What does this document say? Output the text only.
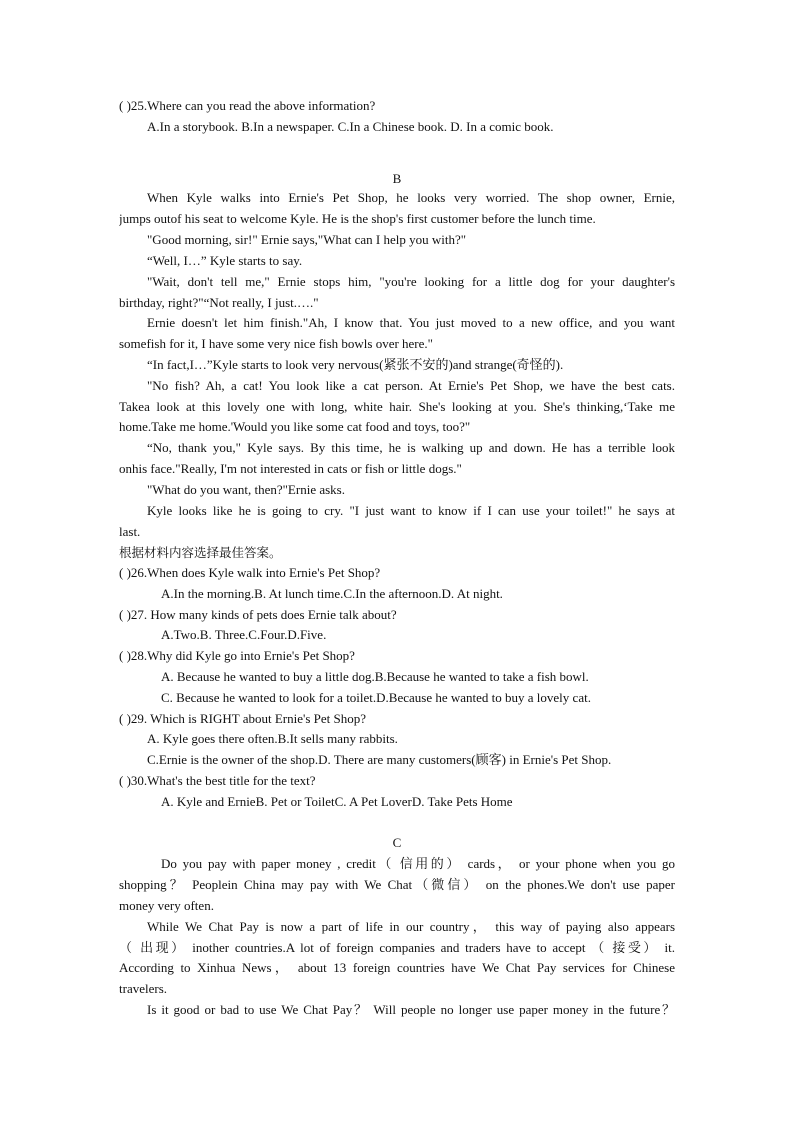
( )25.Where can you read the above information?
A.In a storybook. B.In a newspaper. C.In a Chinese book. D. In a comic book.
B
When Kyle walks into Ernie's Pet Shop, he looks very worried. The shop owner, Ernie,
jumps outof his seat to welcome Kyle. He is the shop's first customer before the lunch time.
"Good morning, sir!" Ernie says,"What can I help you with?"
“Well, I…” Kyle starts to say.
"Wait, don't tell me," Ernie stops him, "you're looking for a little dog for your daughter's
birthday, right?"“Not really, I just.…."
Ernie doesn't let him finish."Ah, I know that. You just moved to a new office, and you want
somefish for it, I have some very nice fish bowls over here."
“In fact,I…”Kyle starts to look very nervous(紧张不安的)and strange(奇怪的).
"No fish? Ah, a cat! You look like a cat person. At Ernie's Pet Shop, we have the best cats.
Takea look at this lovely one with long, white hair. She's looking at you. She's thinking,‘Take me
home.Take me home.'Would you like some cat food and toys, too?"
“No, thank you," Kyle says. By this time, he is walking up and down. He has a terrible look
onhis face."Really, I'm not interested in cats or fish or little dogs."
"What do you want, then?"Ernie asks.
Kyle looks like he is going to cry. "I just want to know if I can use your toilet!" he says at
last.
根据材料内容选择最佳答案。
( )26.When does Kyle walk into Ernie's Pet Shop?
A.In the morning.B. At lunch time.C.In the afternoon.D. At night.
( )27. How many kinds of pets does Ernie talk about?
A.Two.B. Three.C.Four.D.Five.
( )28.Why did Kyle go into Ernie's Pet Shop?
A. Because he wanted to buy a little dog.B.Because he wanted to take a fish bowl.
C. Because he wanted to look for a toilet.D.Because he wanted to buy a lovely cat.
( )29. Which is RIGHT about Ernie's Pet Shop?
A. Kyle goes there often.B.It sells many rabbits.
C.Ernie is the owner of the shop.D. There are many customers(顾客) in Ernie's Pet Shop.
( )30.What's the best title for the text?
A. Kyle and ErnieB. Pet or ToiletC. A Pet LoverD. Take Pets Home
C
Do you pay with paper money , credit（ 信用的） cards， or your phone when you go
shopping？ Peoplein China may pay with We Chat（微信） on the phones.We don't use paper
money very often.
While We Chat Pay is now a part of life in our country， this way of paying also appears
（ 出现） inother countries.A lot of foreign companies and traders have to accept （ 接受） it.
According to Xinhua News， about 13 foreign countries have We Chat Pay services for Chinese
travelers.
Is it good or bad to use We Chat Pay？ Will people no longer use paper money in the future？
